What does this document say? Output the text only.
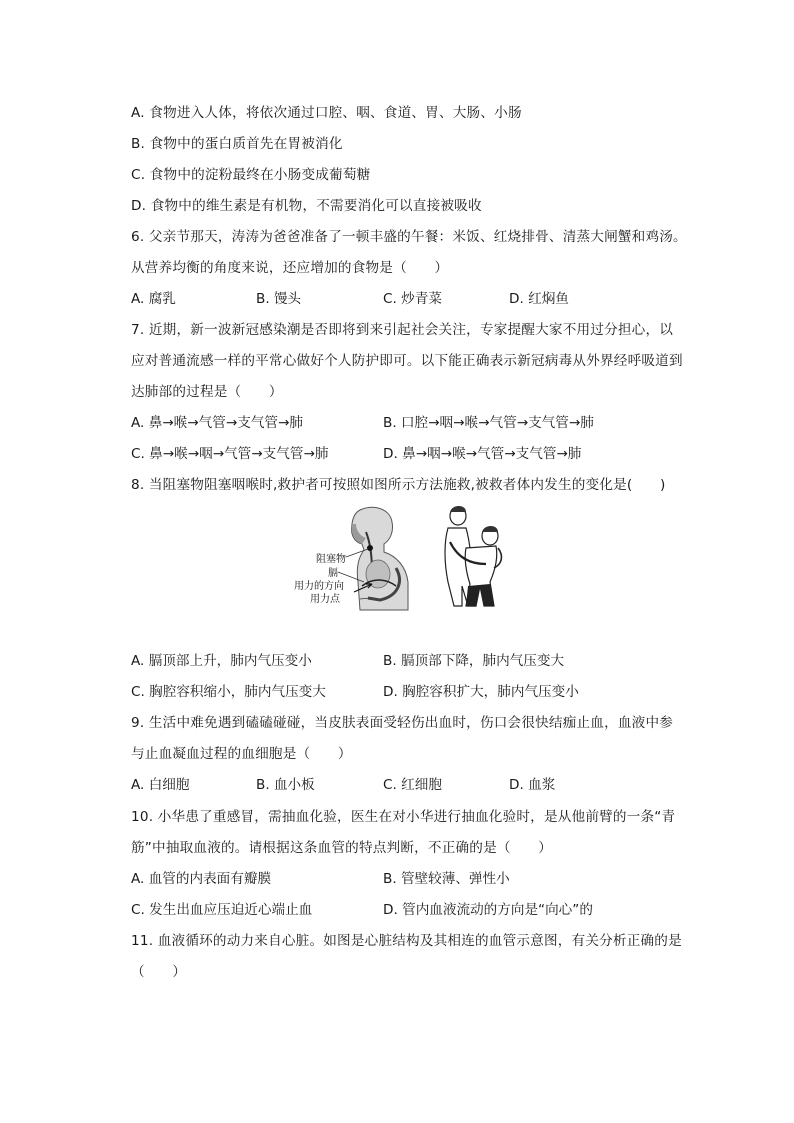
A. 食物进入人体，将依次通过口腔、咽、食道、胃、大肠、小肠
B. 食物中的蛋白质首先在胃被消化
C. 食物中的淀粉最终在小肠变成葡萄糖
D. 食物中的维生素是有机物，不需要消化可以直接被吸收
6. 父亲节那天，涛涛为爸爸准备了一顿丰盛的午餐：米饭、红烧排骨、清蒸大闸蟹和鸡汤。
从营养均衡的角度来说，还应增加的食物是（　　）
A. 腐乳	B. 馒头	C. 炒青菜	D. 红焖鱼
7. 近期，新一波新冠感染潮是否即将到来引起社会关注，专家提醒大家不用过分担心，以
应对普通流感一样的平常心做好个人防护即可。以下能正确表示新冠病毒从外界经呼吸道到
达肺部的过程是（　　）
A. 鼻→喉→气管→支气管→肺	B. 口腔→咽→喉→气管→支气管→肺
C. 鼻→喉→咽→气管→支气管→肺	D. 鼻→咽→喉→气管→支气管→肺
8. 当阻塞物阻塞咽喉时,救护者可按照如图所示方法施救,被救者体内发生的变化是(　　)
阻塞物
膈
用力的方向
用力点
A. 膈顶部上升，肺内气压变小	B. 膈顶部下降，肺内气压变大
C. 胸腔容积缩小，肺内气压变大	D. 胸腔容积扩大，肺内气压变小
9. 生活中难免遇到磕磕碰碰，当皮肤表面受轻伤出血时，伤口会很快结痂止血，血液中参
与止血凝血过程的血细胞是（　　）
A. 白细胞	B. 血小板	C. 红细胞	D. 血浆
10. 小华患了重感冒，需抽血化验，医生在对小华进行抽血化验时，是从他前臂的一条“青
筋”中抽取血液的。请根据这条血管的特点判断，不正确的是（　　）
A. 血管的内表面有瓣膜	B. 管壁较薄、弹性小
C. 发生出血应压迫近心端止血	D. 管内血液流动的方向是“向心”的
11. 血液循环的动力来自心脏。如图是心脏结构及其相连的血管示意图，有关分析正确的是
（　　）
